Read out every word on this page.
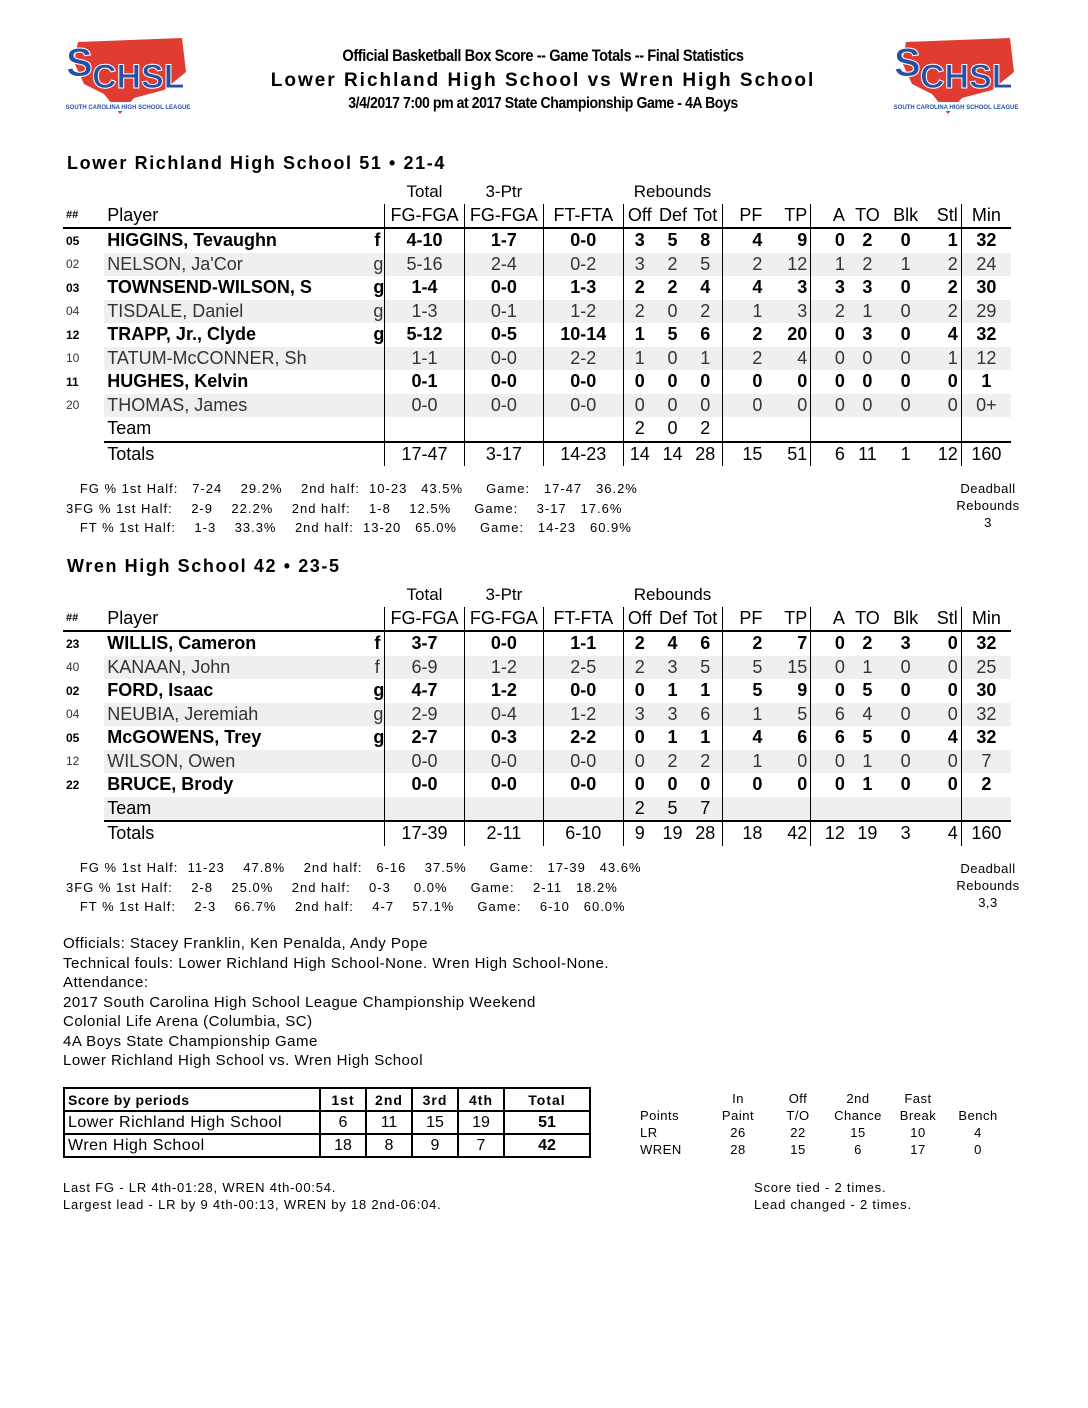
S CHSL
SOUTH CAROLINA HIGH SCHOOL LEAGUE
S CHSL
SOUTH CAROLINA HIGH SCHOOL LEAGUE
Official Basketball Box Score -- Game Totals -- Final Statistics
Lower Richland High School vs Wren High School
3/4/2017 7:00 pm at 2017 State Championship Game - 4A Boys
Lower Richland High School 51 • 21-4
			Total	3-Ptr		Rebounds									
##	Player		FG-FGA	FG-FGA	FT-FTA	Off	Def	Tot	PF	TP	A	TO	Blk	Stl	Min
05	HIGGINS, Tevaughn	f	4-10	1-7	0-0	3	5	8	4	9	0	2	0	1	32
02	NELSON, Ja'Cor	g	5-16	2-4	0-2	3	2	5	2	12	1	2	1	2	24
03	TOWNSEND-WILSON, S	g	1-4	0-0	1-3	2	2	4	4	3	3	3	0	2	30
04	TISDALE, Daniel	g	1-3	0-1	1-2	2	0	2	1	3	2	1	0	2	29
12	TRAPP, Jr., Clyde	g	5-12	0-5	10-14	1	5	6	2	20	0	3	0	4	32
10	TATUM-McCONNER, Sh		1-1	0-0	2-2	1	0	1	2	4	0	0	0	1	12
11	HUGHES, Kelvin		0-1	0-0	0-0	0	0	0	0	0	0	0	0	0	1
20	THOMAS, James		0-0	0-0	0-0	0	0	0	0	0	0	0	0	0	0+
	Team					2	0	2							
	Totals		17-47	3-17	14-23	14	14	28	15	51	6	11	1	12	160
FG % 1st Half:   7-24    29.2%    2nd half:  10-23   43.5%     Game:   17-47   36.2%
3FG % 1st Half:    2-9    22.2%    2nd half:    1-8    12.5%     Game:    3-17   17.6%
FT % 1st Half:    1-3    33.3%    2nd half:  13-20   65.0%     Game:   14-23   60.9%
Deadball
Rebounds
3
Wren High School 42 • 23-5
			Total	3-Ptr		Rebounds									
##	Player		FG-FGA	FG-FGA	FT-FTA	Off	Def	Tot	PF	TP	A	TO	Blk	Stl	Min
23	WILLIS, Cameron	f	3-7	0-0	1-1	2	4	6	2	7	0	2	3	0	32
40	KANAAN, John	f	6-9	1-2	2-5	2	3	5	5	15	0	1	0	0	25
02	FORD, Isaac	g	4-7	1-2	0-0	0	1	1	5	9	0	5	0	0	30
04	NEUBIA, Jeremiah	g	2-9	0-4	1-2	3	3	6	1	5	6	4	0	0	32
05	McGOWENS, Trey	g	2-7	0-3	2-2	0	1	1	4	6	6	5	0	4	32
12	WILSON, Owen		0-0	0-0	0-0	0	2	2	1	0	0	1	0	0	7
22	BRUCE, Brody		0-0	0-0	0-0	0	0	0	0	0	0	1	0	0	2
	Team					2	5	7							
	Totals		17-39	2-11	6-10	9	19	28	18	42	12	19	3	4	160
FG % 1st Half:  11-23    47.8%    2nd half:   6-16    37.5%     Game:   17-39   43.6%
3FG % 1st Half:    2-8    25.0%    2nd half:    0-3     0.0%     Game:    2-11   18.2%
FT % 1st Half:    2-3    66.7%    2nd half:    4-7    57.1%     Game:    6-10   60.0%
Deadball
Rebounds
3,3
Officials: Stacey Franklin, Ken Penalda, Andy Pope
Technical fouls: Lower Richland High School-None. Wren High School-None.
Attendance:
2017 South Carolina High School League Championship Weekend
Colonial Life Arena (Columbia, SC)
4A Boys State Championship Game
Lower Richland High School vs. Wren High School
Score by periods	1st	2nd	3rd	4th	Total
Lower Richland High School	6	11	15	19	51
Wren High School	18	8	9	7	42
	In	Off	2nd	Fast	
Points	Paint	T/O	Chance	Break	Bench
LR	26	22	15	10	4
WREN	28	15	6	17	0
Last FG - LR 4th-01:28, WREN 4th-00:54.
Largest lead - LR by 9 4th-00:13, WREN by 18 2nd-06:04.
Score tied - 2 times.
Lead changed - 2 times.
